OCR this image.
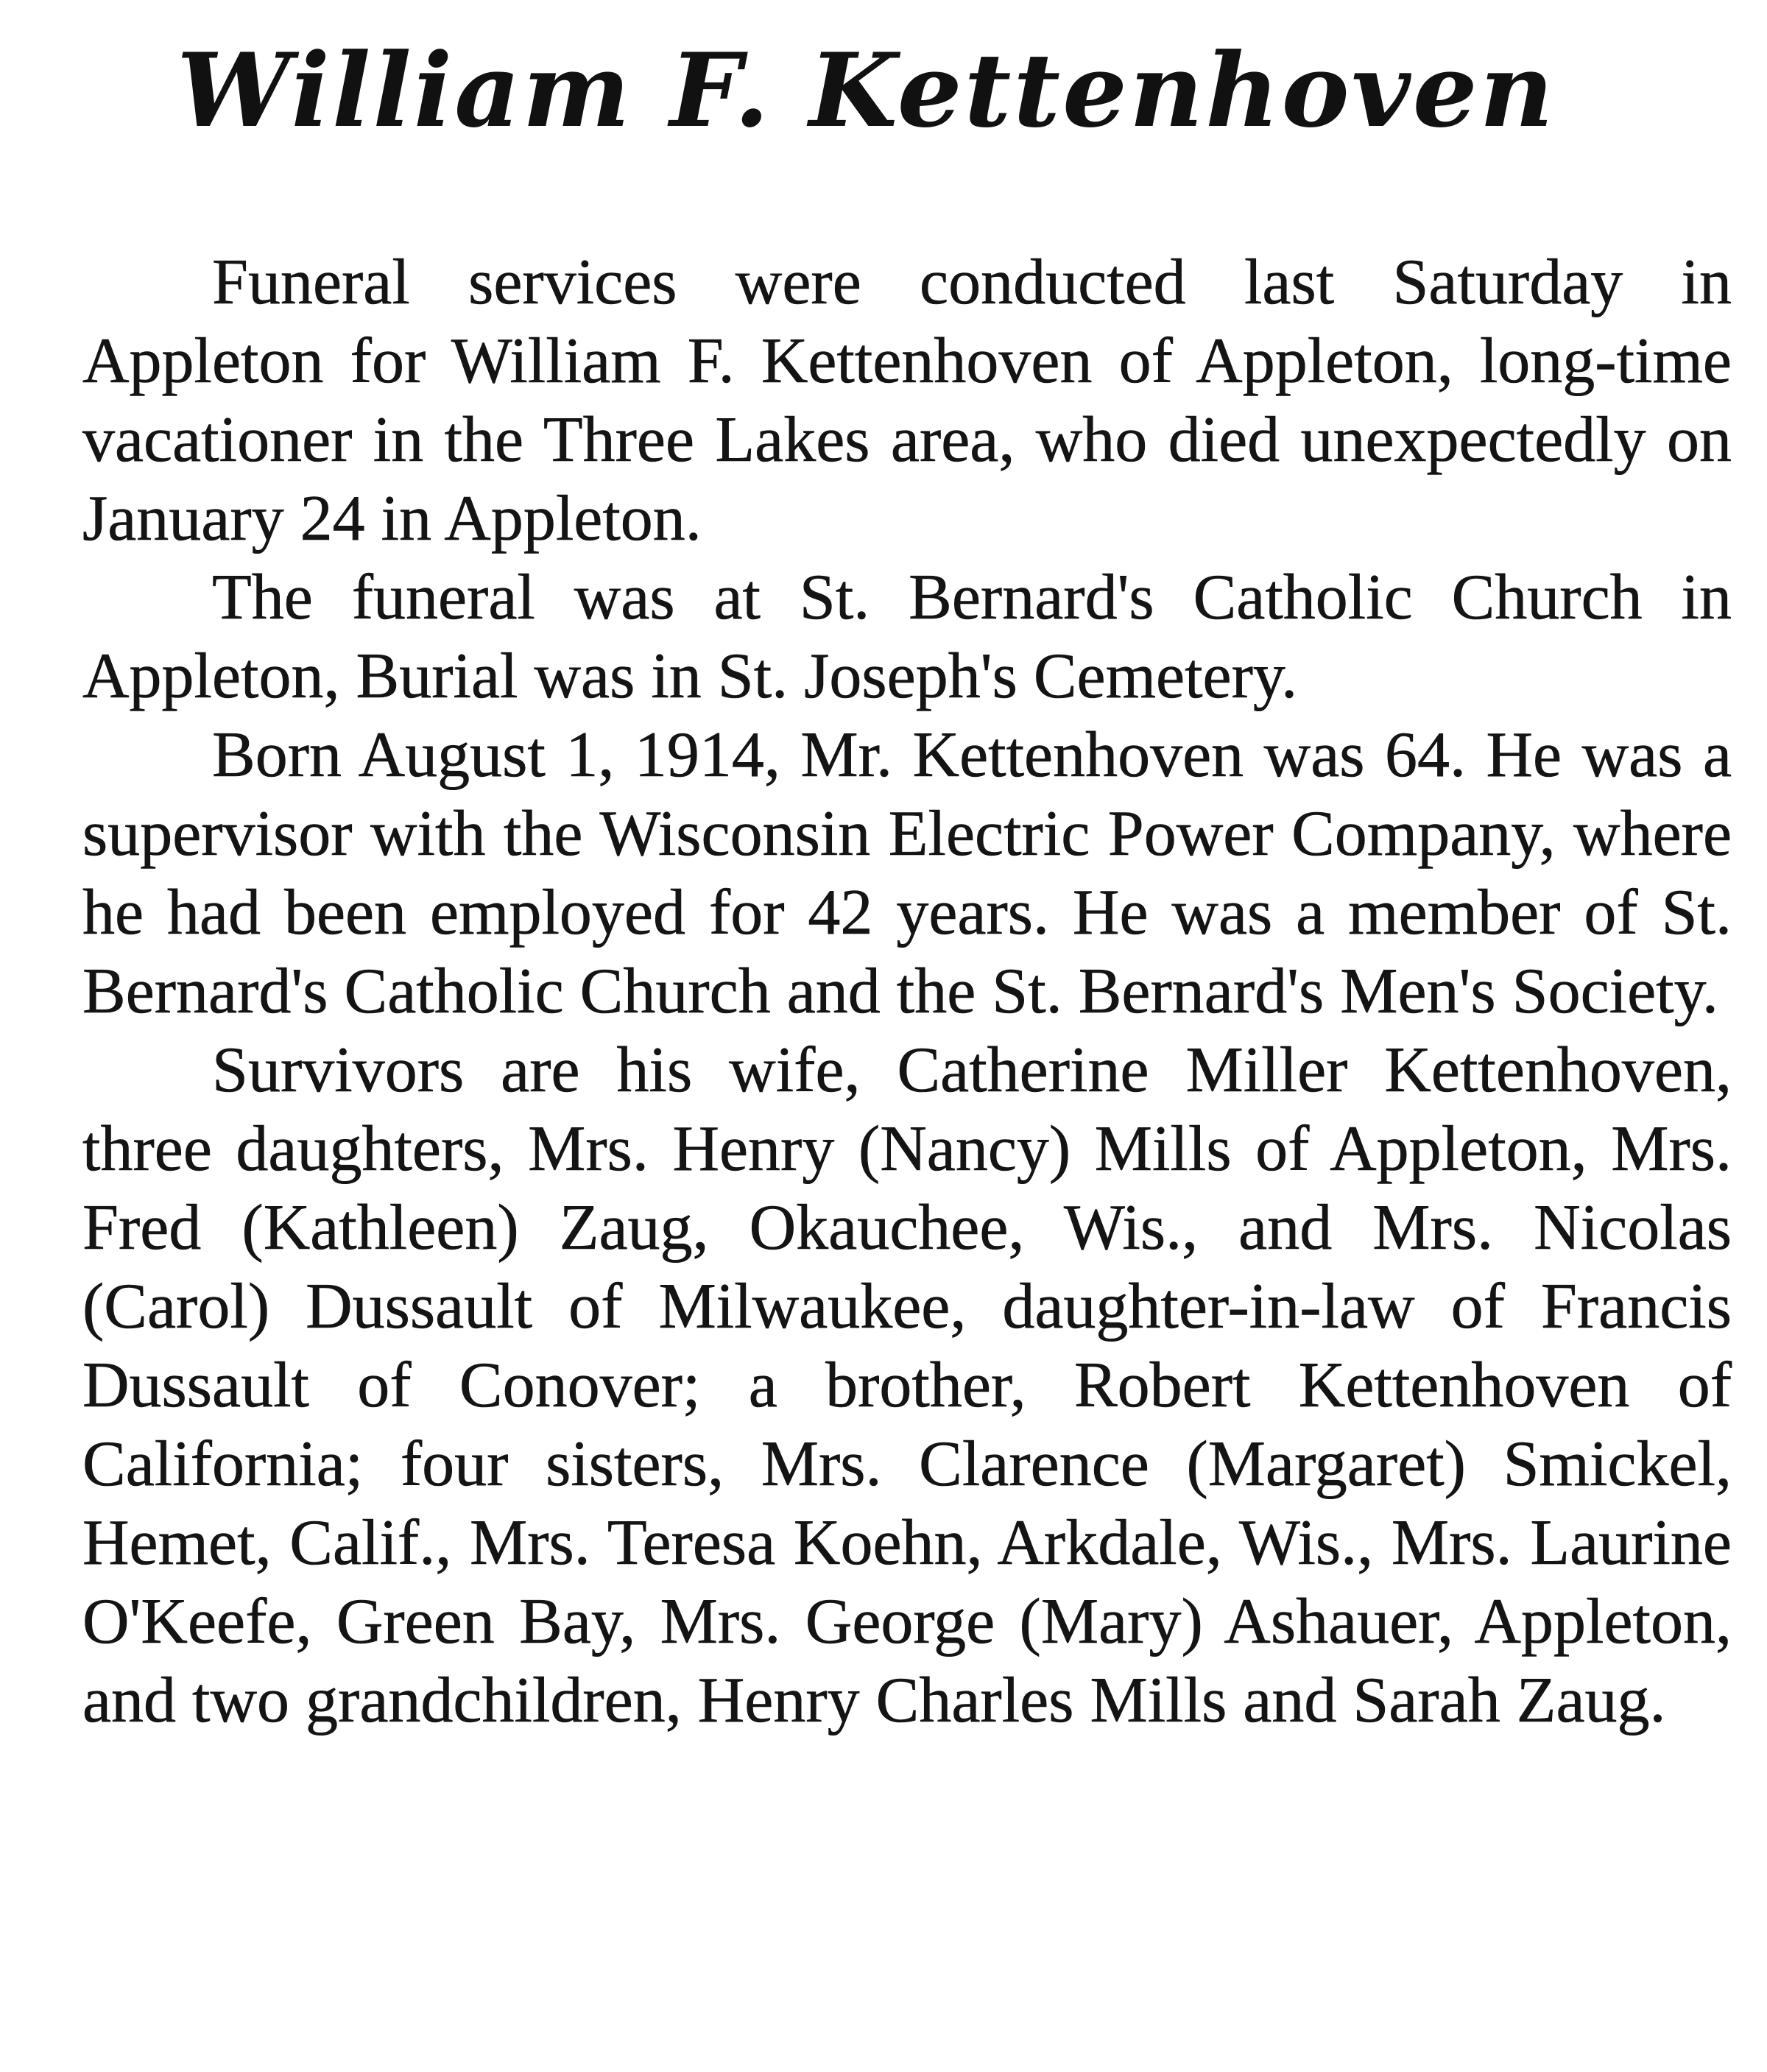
William F. Kettenhoven

Funeral services were conducted last Saturday in Appleton for William F. Kettenhoven of Appleton, long-time vacationer in the Three Lakes area, who died unexpectedly on January 24 in Appleton.

The funeral was at St. Bernard's Catholic Church in Appleton, Burial was in St. Joseph's Cemetery.

Born August 1, 1914, Mr. Kettenhoven was 64. He was a supervisor with the Wisconsin Electric Power Company, where he had been employed for 42 years. He was a member of St. Bernard's Catholic Church and the St. Bernard's Men's Society.

Survivors are his wife, Catherine Miller Kettenhoven, three daughters, Mrs. Henry (Nancy) Mills of Appleton, Mrs. Fred (Kathleen) Zaug, Okauchee, Wis., and Mrs. Nicolas (Carol) Dussault of Milwaukee, daughter-in-law of Francis Dussault of Conover; a brother, Robert Kettenhoven of California; four sisters, Mrs. Clarence (Margaret) Smickel, Hemet, Calif., Mrs. Teresa Koehn, Arkdale, Wis., Mrs. Laurine O'Keefe, Green Bay, Mrs. George (Mary) Ashauer, Appleton, and two grandchildren, Henry Charles Mills and Sarah Zaug.
